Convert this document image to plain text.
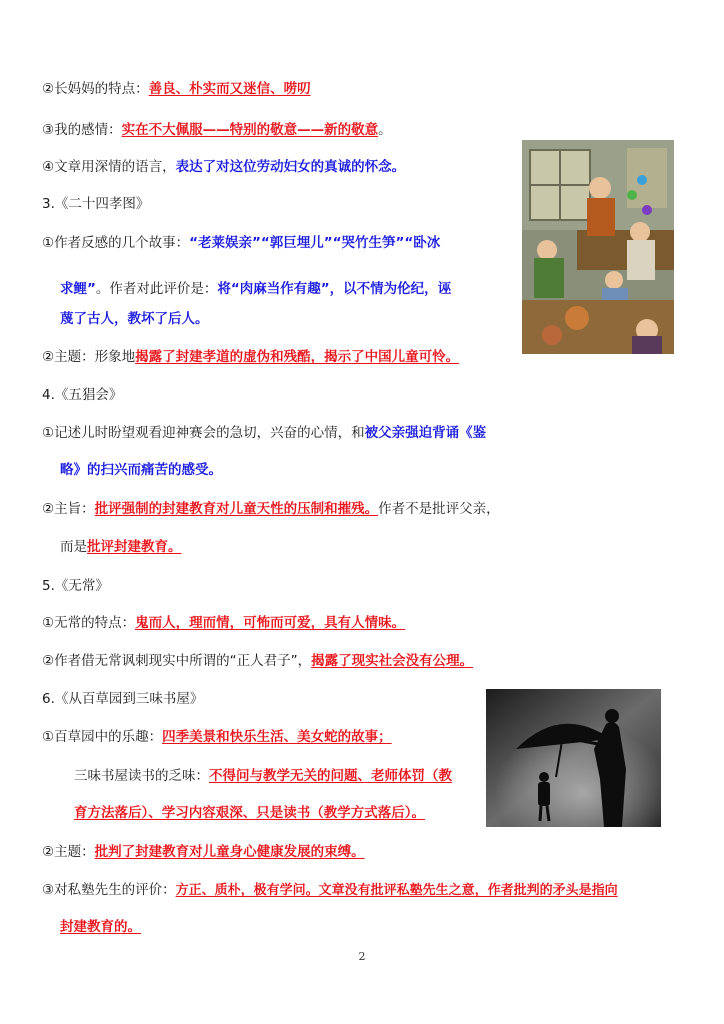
②长妈妈的特点：善良、朴实而又迷信、唠叨
③我的感情：实在不大佩服——特别的敬意——新的敬意。
④文章用深情的语言，表达了对这位劳动妇女的真诚的怀念。
3.《二十四孝图》
①作者反感的几个故事：“老莱娱亲”“郭巨埋儿”“哭竹生笋”“卧冰
求鲤”。作者对此评价是：将“肉麻当作有趣”，以不情为伦纪，诬
蔑了古人，教坏了后人。
②主题：形象地揭露了封建孝道的虚伪和残酷，揭示了中国儿童可怜。
4.《五猖会》
①记述儿时盼望观看迎神赛会的急切，兴奋的心情，和被父亲强迫背诵《鉴
略》的扫兴而痛苦的感受。
②主旨：批评强制的封建教育对儿童天性的压制和摧残。作者不是批评父亲，
而是批评封建教育。
5.《无常》
①无常的特点：鬼而人，理而情，可怖而可爱，具有人情味。
②作者借无常讽刺现实中所谓的“正人君子”，揭露了现实社会没有公理。
6.《从百草园到三味书屋》
①百草园中的乐趣：四季美景和快乐生活、美女蛇的故事；
三味书屋读书的乏味：不得问与教学无关的问题、老师体罚（教
育方法落后）、学习内容艰深、只是读书（教学方式落后）。
②主题：批判了封建教育对儿童身心健康发展的束缚。
③对私塾先生的评价：方正、质朴，极有学问。文章没有批评私塾先生之意，作者批判的矛头是指向
封建教育的。
2
